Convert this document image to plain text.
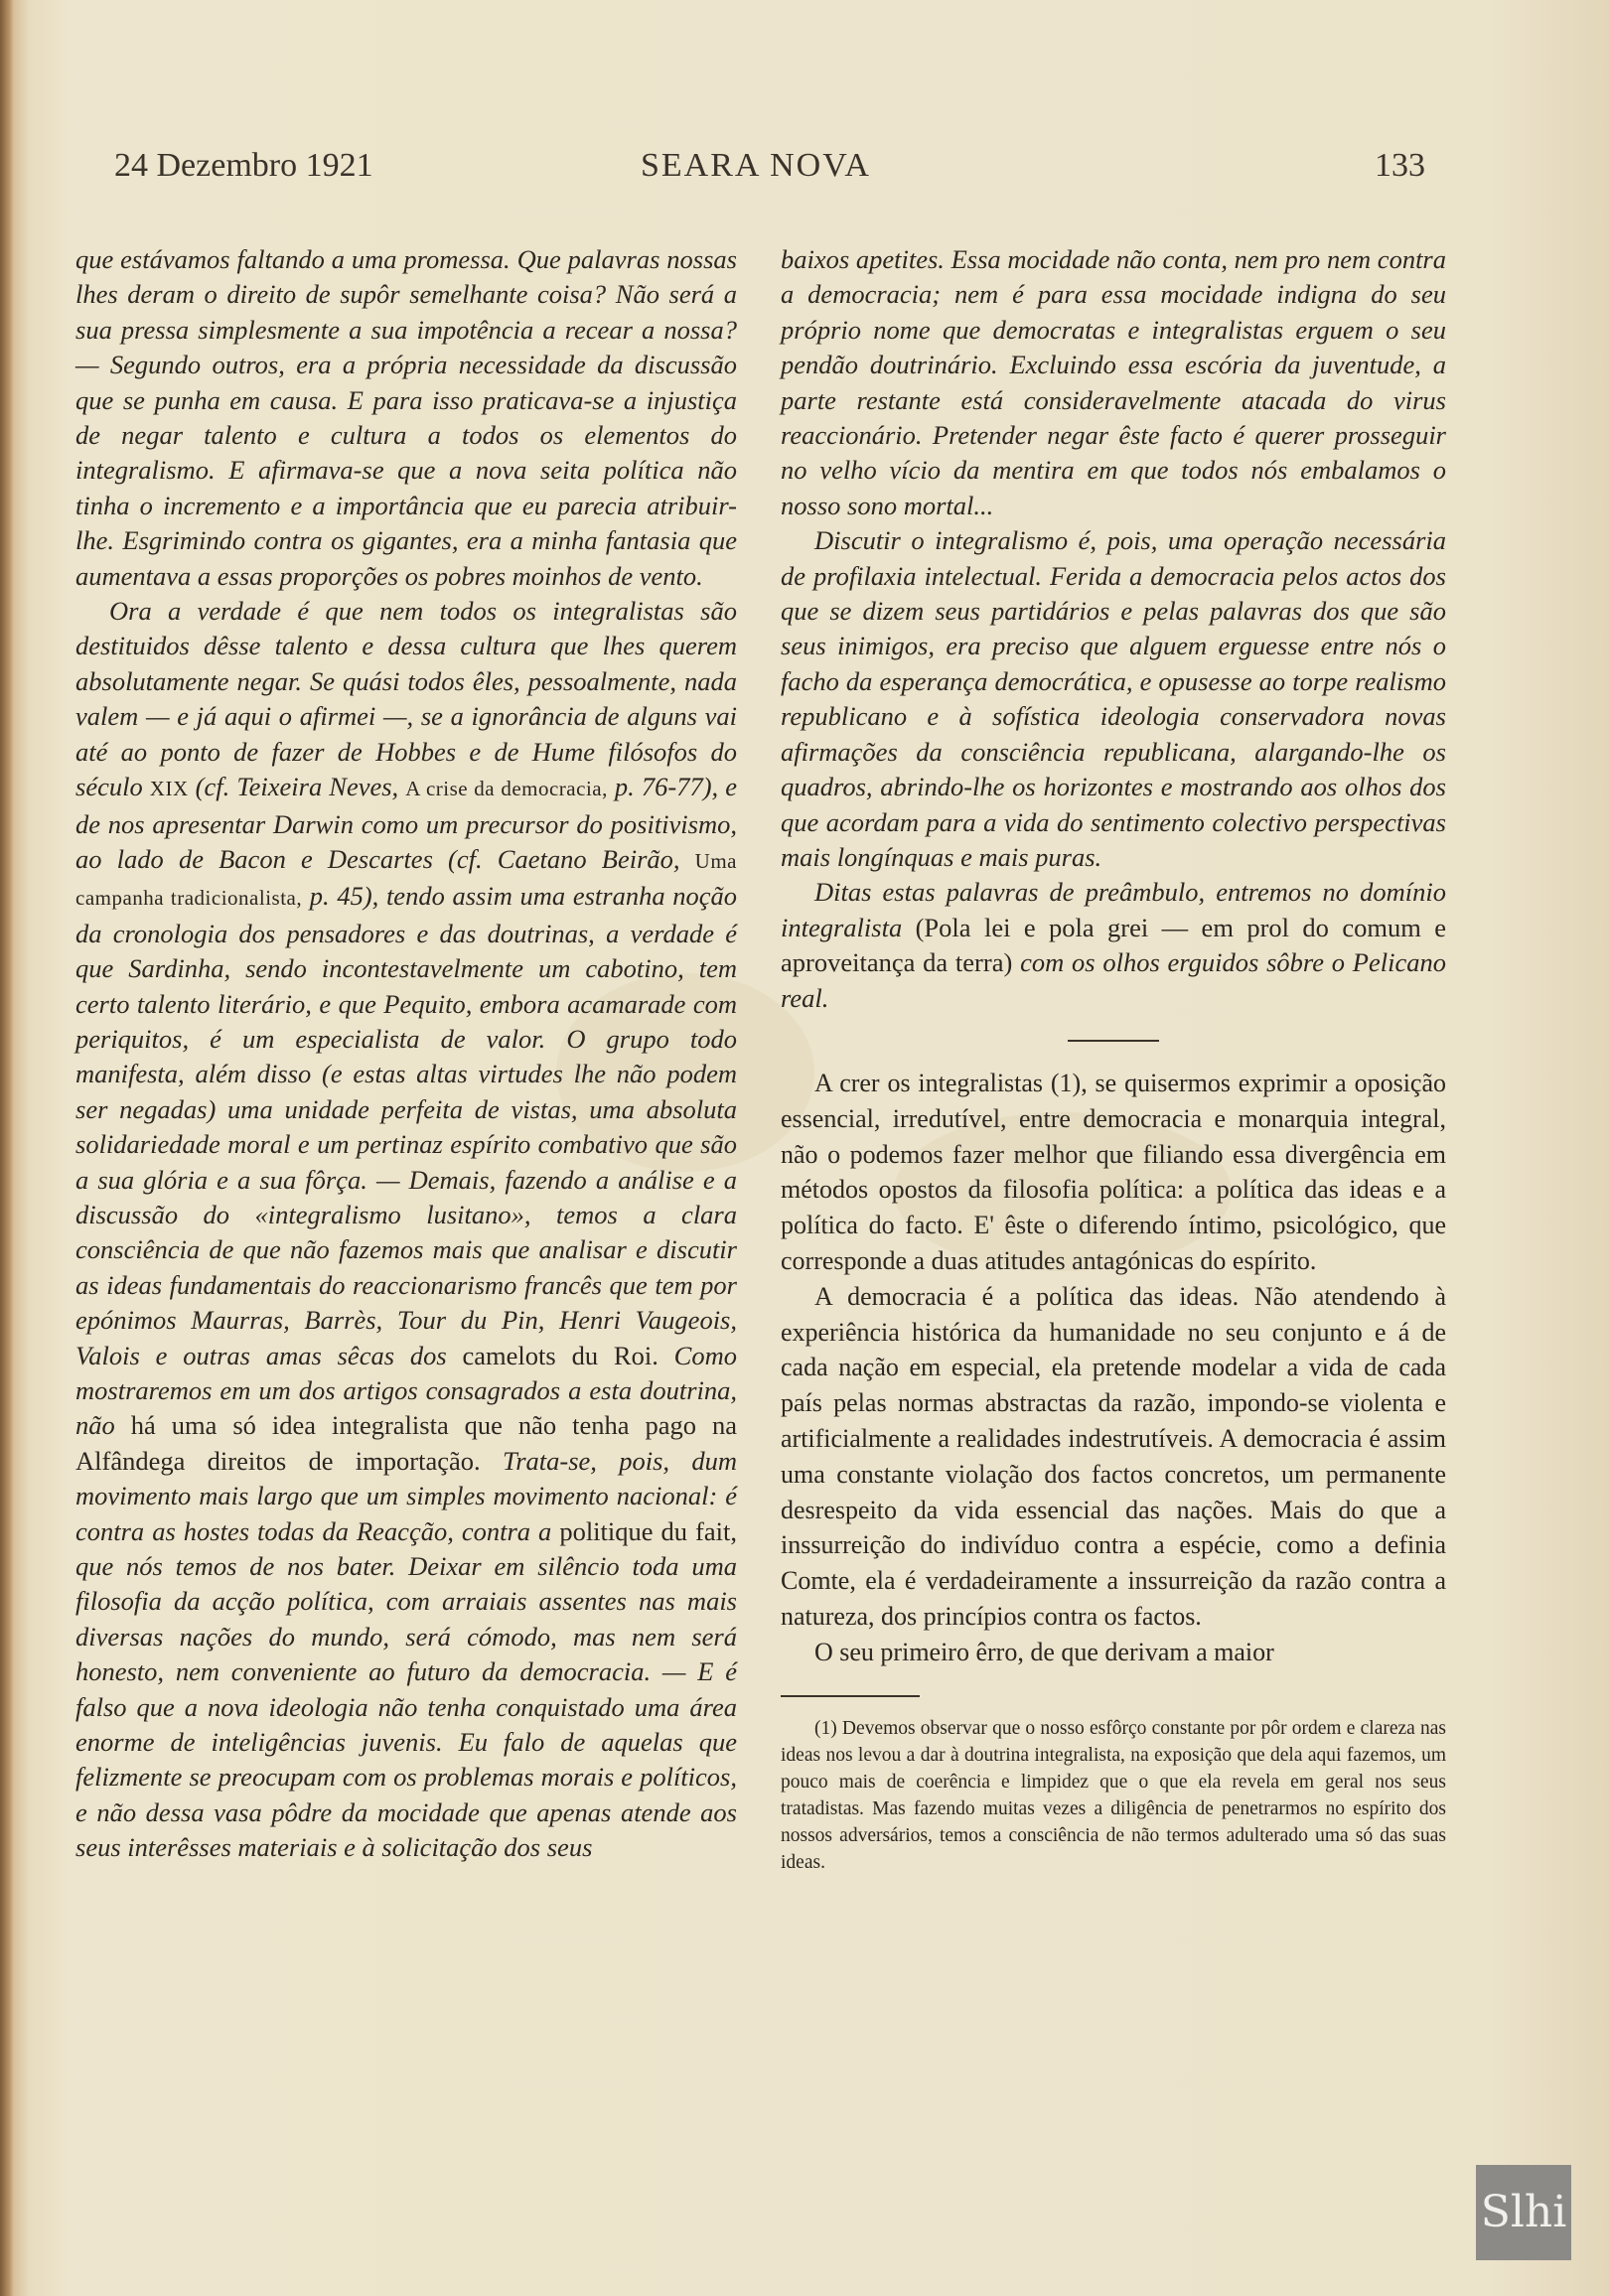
24 Dezembro 1921	SEARA NOVA	133

que estávamos faltando a uma promessa. Que palavras nossas lhes deram o direito de supôr semelhante coisa? Não será a sua pressa simplesmente a sua impotência a recear a nossa? — Segundo outros, era a própria necessidade da discussão que se punha em causa. E para isso praticava-se a injustiça de negar talento e cultura a todos os elementos do integralismo. E afirmava-se que a nova seita política não tinha o incremento e a importância que eu parecia atribuir-lhe. Esgrimindo contra os gigantes, era a minha fantasia que aumentava a essas proporções os pobres moinhos de vento.

Ora a verdade é que nem todos os integralistas são destituidos dêsse talento e dessa cultura que lhes querem absolutamente negar. Se quási todos êles, pessoalmente, nada valem — e já aqui o afirmei —, se a ignorância de alguns vai até ao ponto de fazer de Hobbes e de Hume filósofos do século XIX (cf. Teixeira Neves, A crise da democracia, p. 76-77), e de nos apresentar Darwin como um precursor do positivismo, ao lado de Bacon e Descartes (cf. Caetano Beirão, Uma campanha tradicionalista, p. 45), tendo assim uma estranha noção da cronologia dos pensadores e das doutrinas, a verdade é que Sardinha, sendo incontestavelmente um cabotino, tem certo talento literário, e que Pequito, embora acamarade com periquitos, é um especialista de valor. O grupo todo manifesta, além disso (e estas altas virtudes lhe não podem ser negadas) uma unidade perfeita de vistas, uma absoluta solidariedade moral e um pertinaz espírito combativo que são a sua glória e a sua fôrça. — Demais, fazendo a análise e a discussão do «integralismo lusitano», temos a clara consciência de que não fazemos mais que analisar e discutir as ideas fundamentais do reaccionarismo francês que tem por epónimos Maurras, Barrès, Tour du Pin, Henri Vaugeois, Valois e outras amas sêcas dos camelots du Roi. Como mostraremos em um dos artigos consagrados a esta doutrina, não há uma só idea integralista que não tenha pago na Alfândega direitos de importação. Trata-se, pois, dum movimento mais largo que um simples movimento nacional: é contra as hostes todas da Reacção, contra a politique du fait, que nós temos de nos bater. Deixar em silêncio toda uma filosofia da acção política, com arraiais assentes nas mais diversas nações do mundo, será cómodo, mas nem será honesto, nem conveniente ao futuro da democracia. — E é falso que a nova ideologia não tenha conquistado uma área enorme de inteligências juvenis. Eu falo de aquelas que felizmente se preocupam com os problemas morais e políticos, e não dessa vasa pôdre da mocidade que apenas atende aos seus interêsses materiais e à solicitação dos seus

baixos apetites. Essa mocidade não conta, nem pro nem contra a democracia; nem é para essa mocidade indigna do seu próprio nome que democratas e integralistas erguem o seu pendão doutrinário. Excluindo essa escória da juventude, a parte restante está consideravelmente atacada do virus reaccionário. Pretender negar êste facto é querer prosseguir no velho vício da mentira em que todos nós embalamos o nosso sono mortal...

Discutir o integralismo é, pois, uma operação necessária de profilaxia intelectual. Ferida a democracia pelos actos dos que se dizem seus partidários e pelas palavras dos que são seus inimigos, era preciso que alguem erguesse entre nós o facho da esperança democrática, e opusesse ao torpe realismo republicano e à sofística ideologia conservadora novas afirmações da consciência republicana, alargando-lhe os quadros, abrindo-lhe os horizontes e mostrando aos olhos dos que acordam para a vida do sentimento colectivo perspectivas mais longínquas e mais puras.

Ditas estas palavras de preâmbulo, entremos no domínio integralista (Pola lei e pola grei — em prol do comum e aproveitança da terra) com os olhos erguidos sôbre o Pelicano real.

A crer os integralistas (1), se quisermos exprimir a oposição essencial, irredutível, entre democracia e monarquia integral, não o podemos fazer melhor que filiando essa divergência em métodos opostos da filosofia política: a política das ideas e a política do facto. E' êste o diferendo íntimo, psicológico, que corresponde a duas atitudes antagónicas do espírito.

A democracia é a política das ideas. Não atendendo à experiência histórica da humanidade no seu conjunto e á de cada nação em especial, ela pretende modelar a vida de cada país pelas normas abstractas da razão, impondo-se violenta e artificialmente a realidades indestrutíveis. A democracia é assim uma constante violação dos factos concretos, um permanente desrespeito da vida essencial das nações. Mais do que a inssurreição do indivíduo contra a espécie, como a definia Comte, ela é verdadeiramente a inssurreição da razão contra a natureza, dos princípios contra os factos.

O seu primeiro êrro, de que derivam a maior

(1) Devemos observar que o nosso esfôrço constante por pôr ordem e clareza nas ideas nos levou a dar à doutrina integralista, na exposição que dela aqui fazemos, um pouco mais de coerência e limpidez que o que ela revela em geral nos seus tratadistas. Mas fazendo muitas vezes a diligência de penetrarmos no espírito dos nossos adversários, temos a consciência de não termos adulterado uma só das suas ideas.

Slhi
